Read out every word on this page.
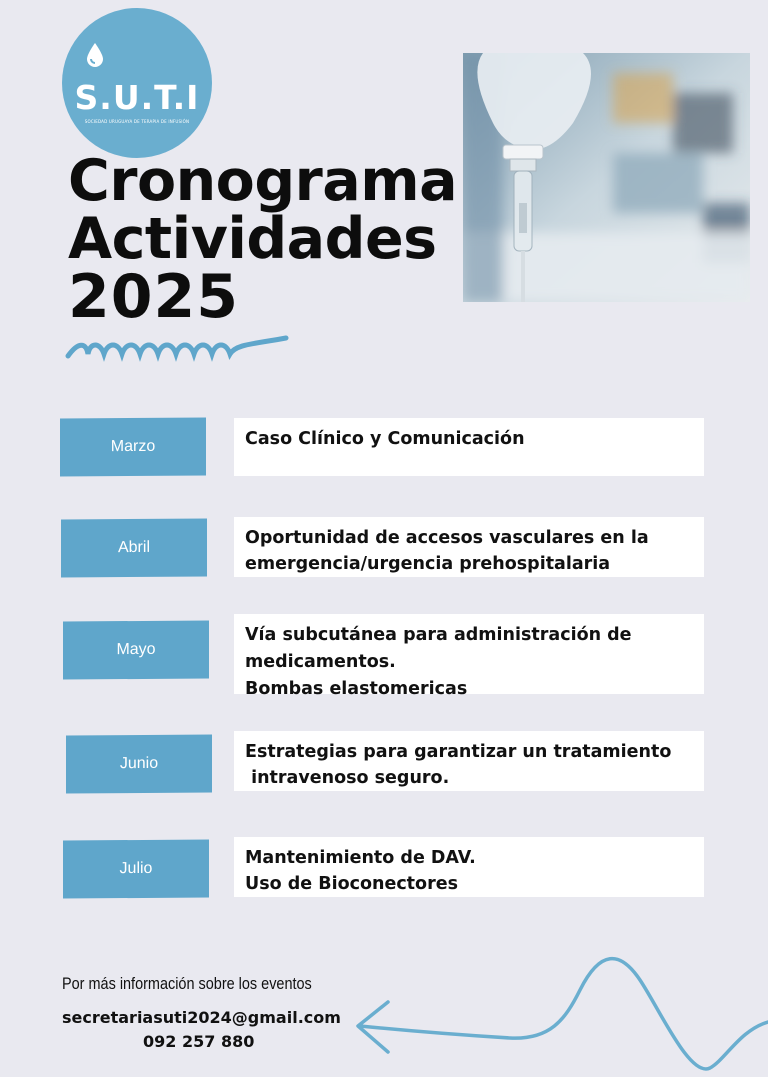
S.U.T.I
SOCIEDAD URUGUAYA DE TERAPIA DE INFUSIÓN
Cronograma
Actividades
2025
Marzo	Caso Clínico y Comunicación
Abril	Oportunidad de accesos vasculares en la
emergencia/urgencia prehospitalaria
Mayo
Vía subcutánea para administración de
medicamentos.
Bombas elastomericas
Junio
Estrategias para garantizar un tratamiento
intravenoso seguro.
Julio
Mantenimiento de DAV.
Uso de Bioconectores
Por más información sobre los eventos
secretariasuti2024@gmail.com
092 257 880
